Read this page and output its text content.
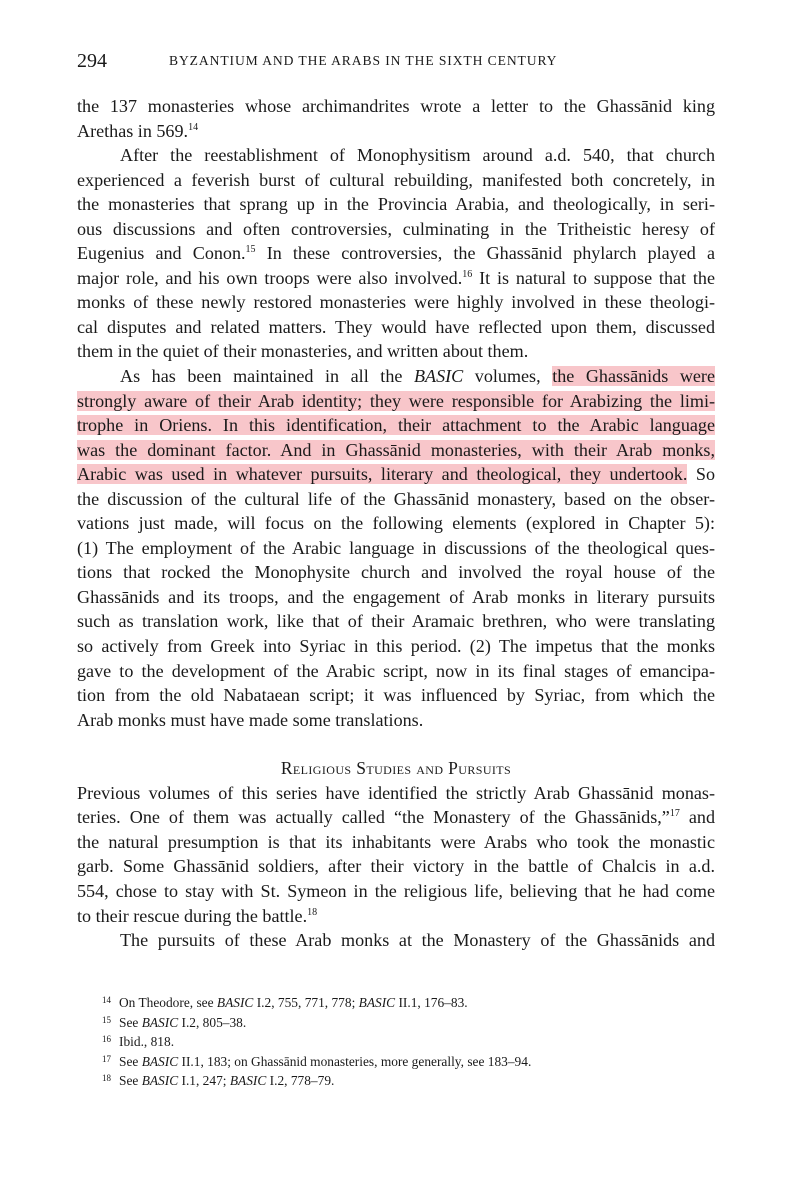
294	BYZANTIUM AND THE ARABS IN THE SIXTH CENTURY
the 137 monasteries whose archimandrites wrote a letter to the Ghassānid king
Arethas in 569.14
After the reestablishment of Monophysitism around a.d. 540, that church
experienced a feverish burst of cultural rebuilding, manifested both concretely, in
the monasteries that sprang up in the Provincia Arabia, and theologically, in seri-
ous discussions and often controversies, culminating in the Tritheistic heresy of
Eugenius and Conon.$^{15}$ In these controversies, the Ghassānid phylarch played a
major role, and his own troops were also involved.$^{16}$ It is natural to suppose that the
monks of these newly restored monasteries were highly involved in these theologi-
cal disputes and related matters. They would have reflected upon them, discussed
them in the quiet of their monasteries, and written about them.
As has been maintained in all the BASIC volumes, the Ghassānids were
strongly aware of their Arab identity; they were responsible for Arabizing the limi-
trophe in Oriens. In this identification, their attachment to the Arabic language
was the dominant factor. And in Ghassānid monasteries, with their Arab monks,
Arabic was used in whatever pursuits, literary and theological, they undertook. So
the discussion of the cultural life of the Ghassānid monastery, based on the obser-
vations just made, will focus on the following elements (explored in Chapter 5):
(1) The employment of the Arabic language in discussions of the theological ques-
tions that rocked the Monophysite church and involved the royal house of the
Ghassānids and its troops, and the engagement of Arab monks in literary pursuits
such as translation work, like that of their Aramaic brethren, who were translating
so actively from Greek into Syriac in this period. (2) The impetus that the monks
gave to the development of the Arabic script, now in its final stages of emancipa-
tion from the old Nabataean script; it was influenced by Syriac, from which the
Arab monks must have made some translations.
Religious Studies and Pursuits
Previous volumes of this series have identified the strictly Arab Ghassānid monas-
teries. One of them was actually called “the Monastery of the Ghassānids,”$^{17}$ and
the natural presumption is that its inhabitants were Arabs who took the monastic
garb. Some Ghassānid soldiers, after their victory in the battle of Chalcis in a.d.
554, chose to stay with St. Symeon in the religious life, believing that he had come
to their rescue during the battle.$^{18}$
The pursuits of these Arab monks at the Monastery of the Ghassānids and
14 On Theodore, see BASIC I.2, 755, 771, 778; BASIC II.1, 176–83.
15 See BASIC I.2, 805–38.
16 Ibid., 818.
17 See BASIC II.1, 183; on Ghassānid monasteries, more generally, see 183–94.
18 See BASIC I.1, 247; BASIC I.2, 778–79.
